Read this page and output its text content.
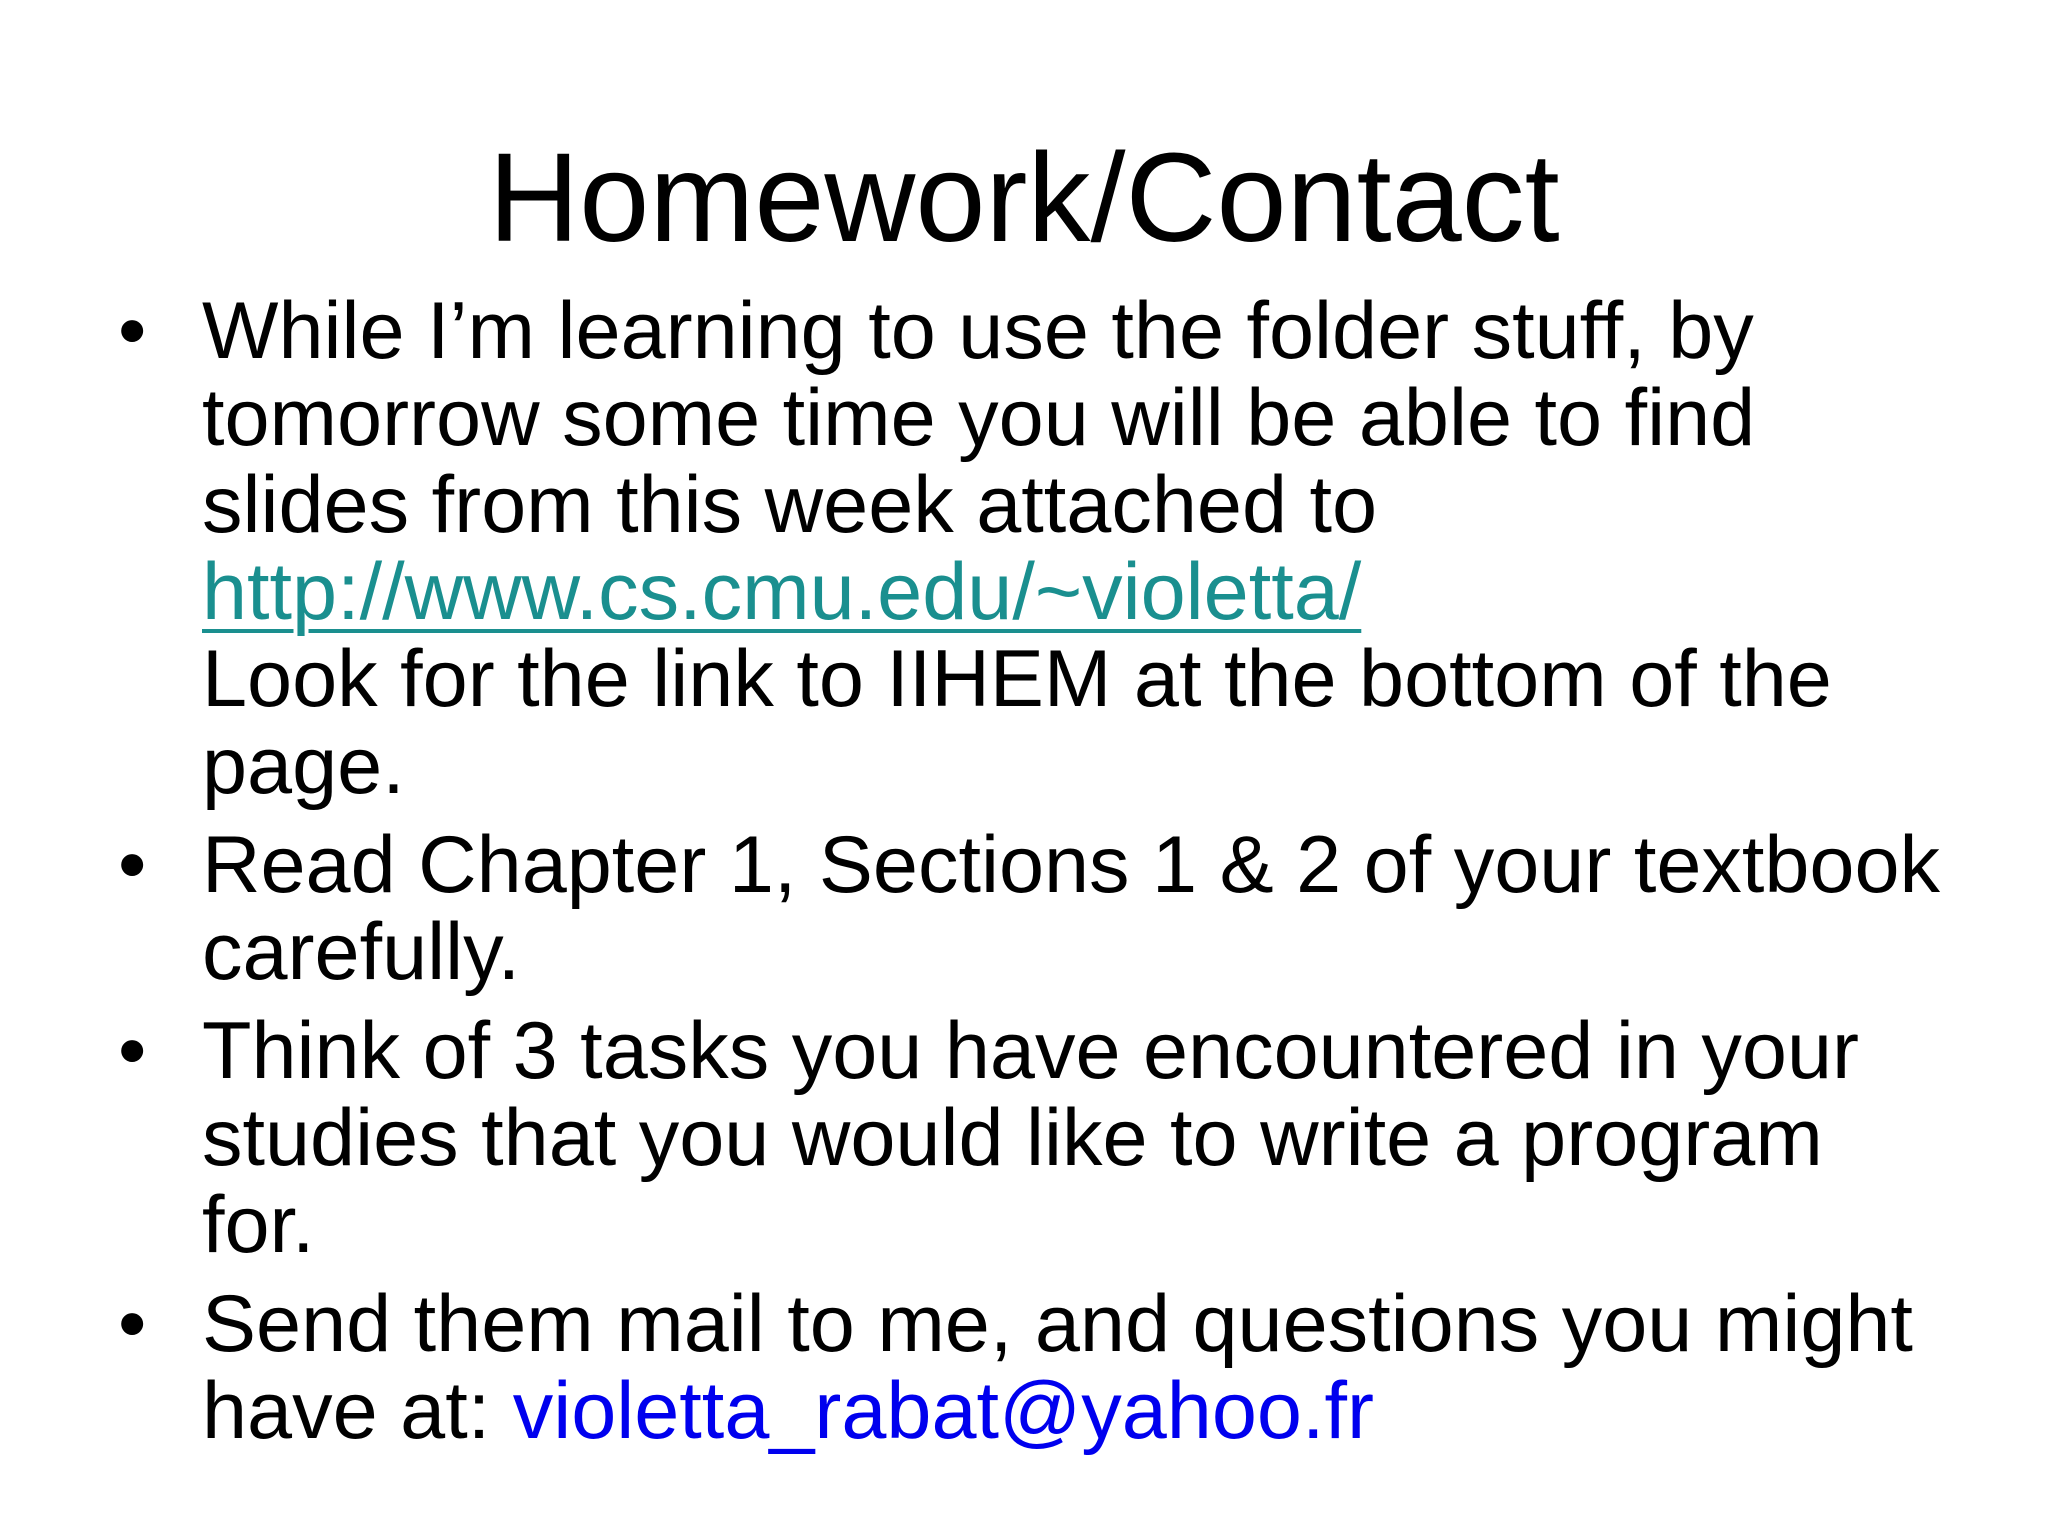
Homework/Contact
• While I’m learning to use the folder stuff, by
tomorrow some time you will be able to find
slides from this week attached to
http://www.cs.cmu.edu/~violetta/
Look for the link to IIHEM at the bottom of the
page.
• Read Chapter 1, Sections 1 & 2 of your textbook
carefully.
• Think of 3 tasks you have encountered in your
studies that you would like to write a program
for.
• Send them mail to me, and questions you might
have at: violetta_rabat@yahoo.fr
